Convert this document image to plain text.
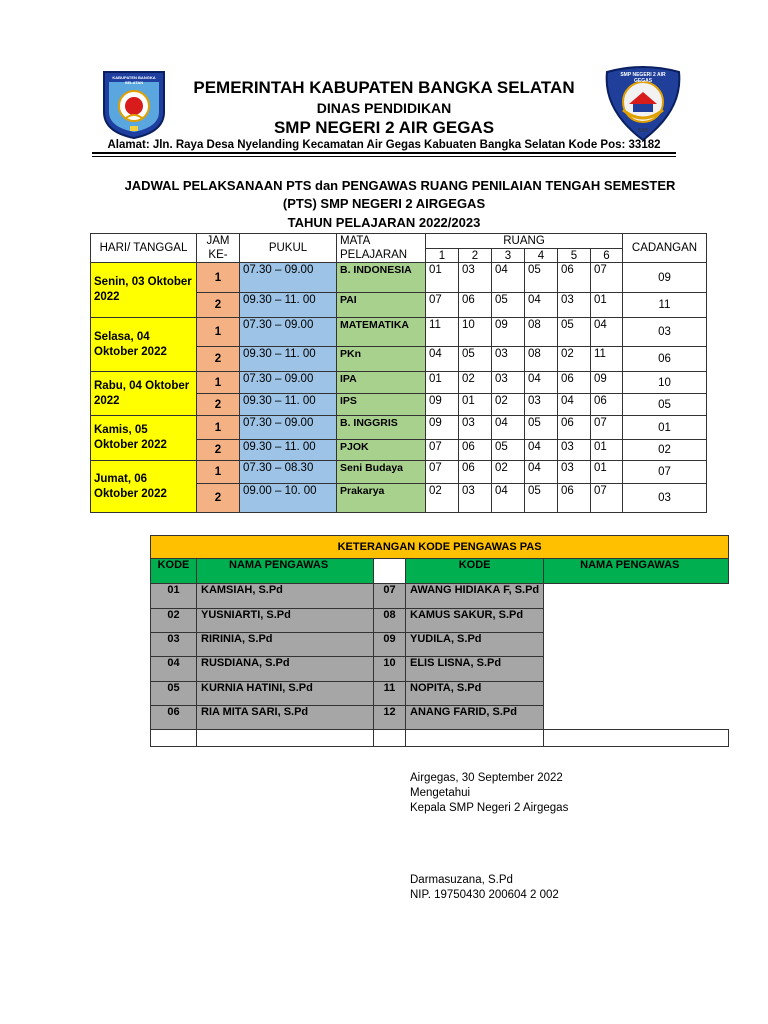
KABUPATEN BANGKA SELATAN
SMP NEGERI 2 AIR GEGAS
2005
PEMERINTAH KABUPATEN BANGKA SELATAN
DINAS PENDIDIKAN
SMP NEGERI 2 AIR GEGAS
Alamat: Jln. Raya Desa Nyelanding Kecamatan Air Gegas Kabuaten Bangka Selatan Kode Pos: 33182
JADWAL PELAKSANAAN PTS dan PENGAWAS RUANG PENILAIAN TENGAH SEMESTER
(PTS) SMP NEGERI 2 AIRGEGAS
TAHUN PELAJARAN 2022/2023
HARI/ TANGGAL	JAM KE-	PUKUL	MATA PELAJARAN	RUANG						CADANGAN
				1	2	3	4	5	6	
Senin, 03 Oktober 2022	1	07.30 – 09.00	B. INDONESIA	01	03	04	05	06	07	09
	2	09.30 – 11. 00	PAI	07	06	05	04	03	01	11
Selasa, 04 Oktober 2022	1	07.30 – 09.00	MATEMATIKA	11	10	09	08	05	04	03
	2	09.30 – 11. 00	PKn	04	05	03	08	02	11	06
Rabu, 04 Oktober 2022	1	07.30 – 09.00	IPA	01	02	03	04	06	09	10
	2	09.30 – 11. 00	IPS	09	01	02	03	04	06	05
Kamis, 05 Oktober 2022	1	07.30 – 09.00	B. INGGRIS	09	03	04	05	06	07	01
	2	09.30 – 11. 00	PJOK	07	06	05	04	03	01	02
Jumat, 06 Oktober 2022	1	07.30 – 08.30	Seni Budaya	07	06	02	04	03	01	07
	2	09.00 – 10. 00	Prakarya	02	03	04	05	06	07	03
KETERANGAN KODE PENGAWAS PAS				
KODE	NAMA PENGAWAS		KODE	NAMA PENGAWAS
01	KAMSIAH, S.Pd	07	AWANG HIDIAKA F, S.Pd	
02	YUSNIARTI, S.Pd	08	KAMUS SAKUR, S.Pd	
03	RIRINIA, S.Pd	09	YUDILA, S.Pd	
04	RUSDIANA, S.Pd	10	ELIS LISNA, S.Pd	
05	KURNIA HATINI, S.Pd	11	NOPITA, S.Pd	
06	RIA MITA SARI, S.Pd	12	ANANG FARID, S.Pd	

Airgegas, 30 September 2022
Mengetahui
Kepala SMP Negeri 2 Airgegas
Darmasuzana, S.Pd
NIP. 19750430 200604 2 002
